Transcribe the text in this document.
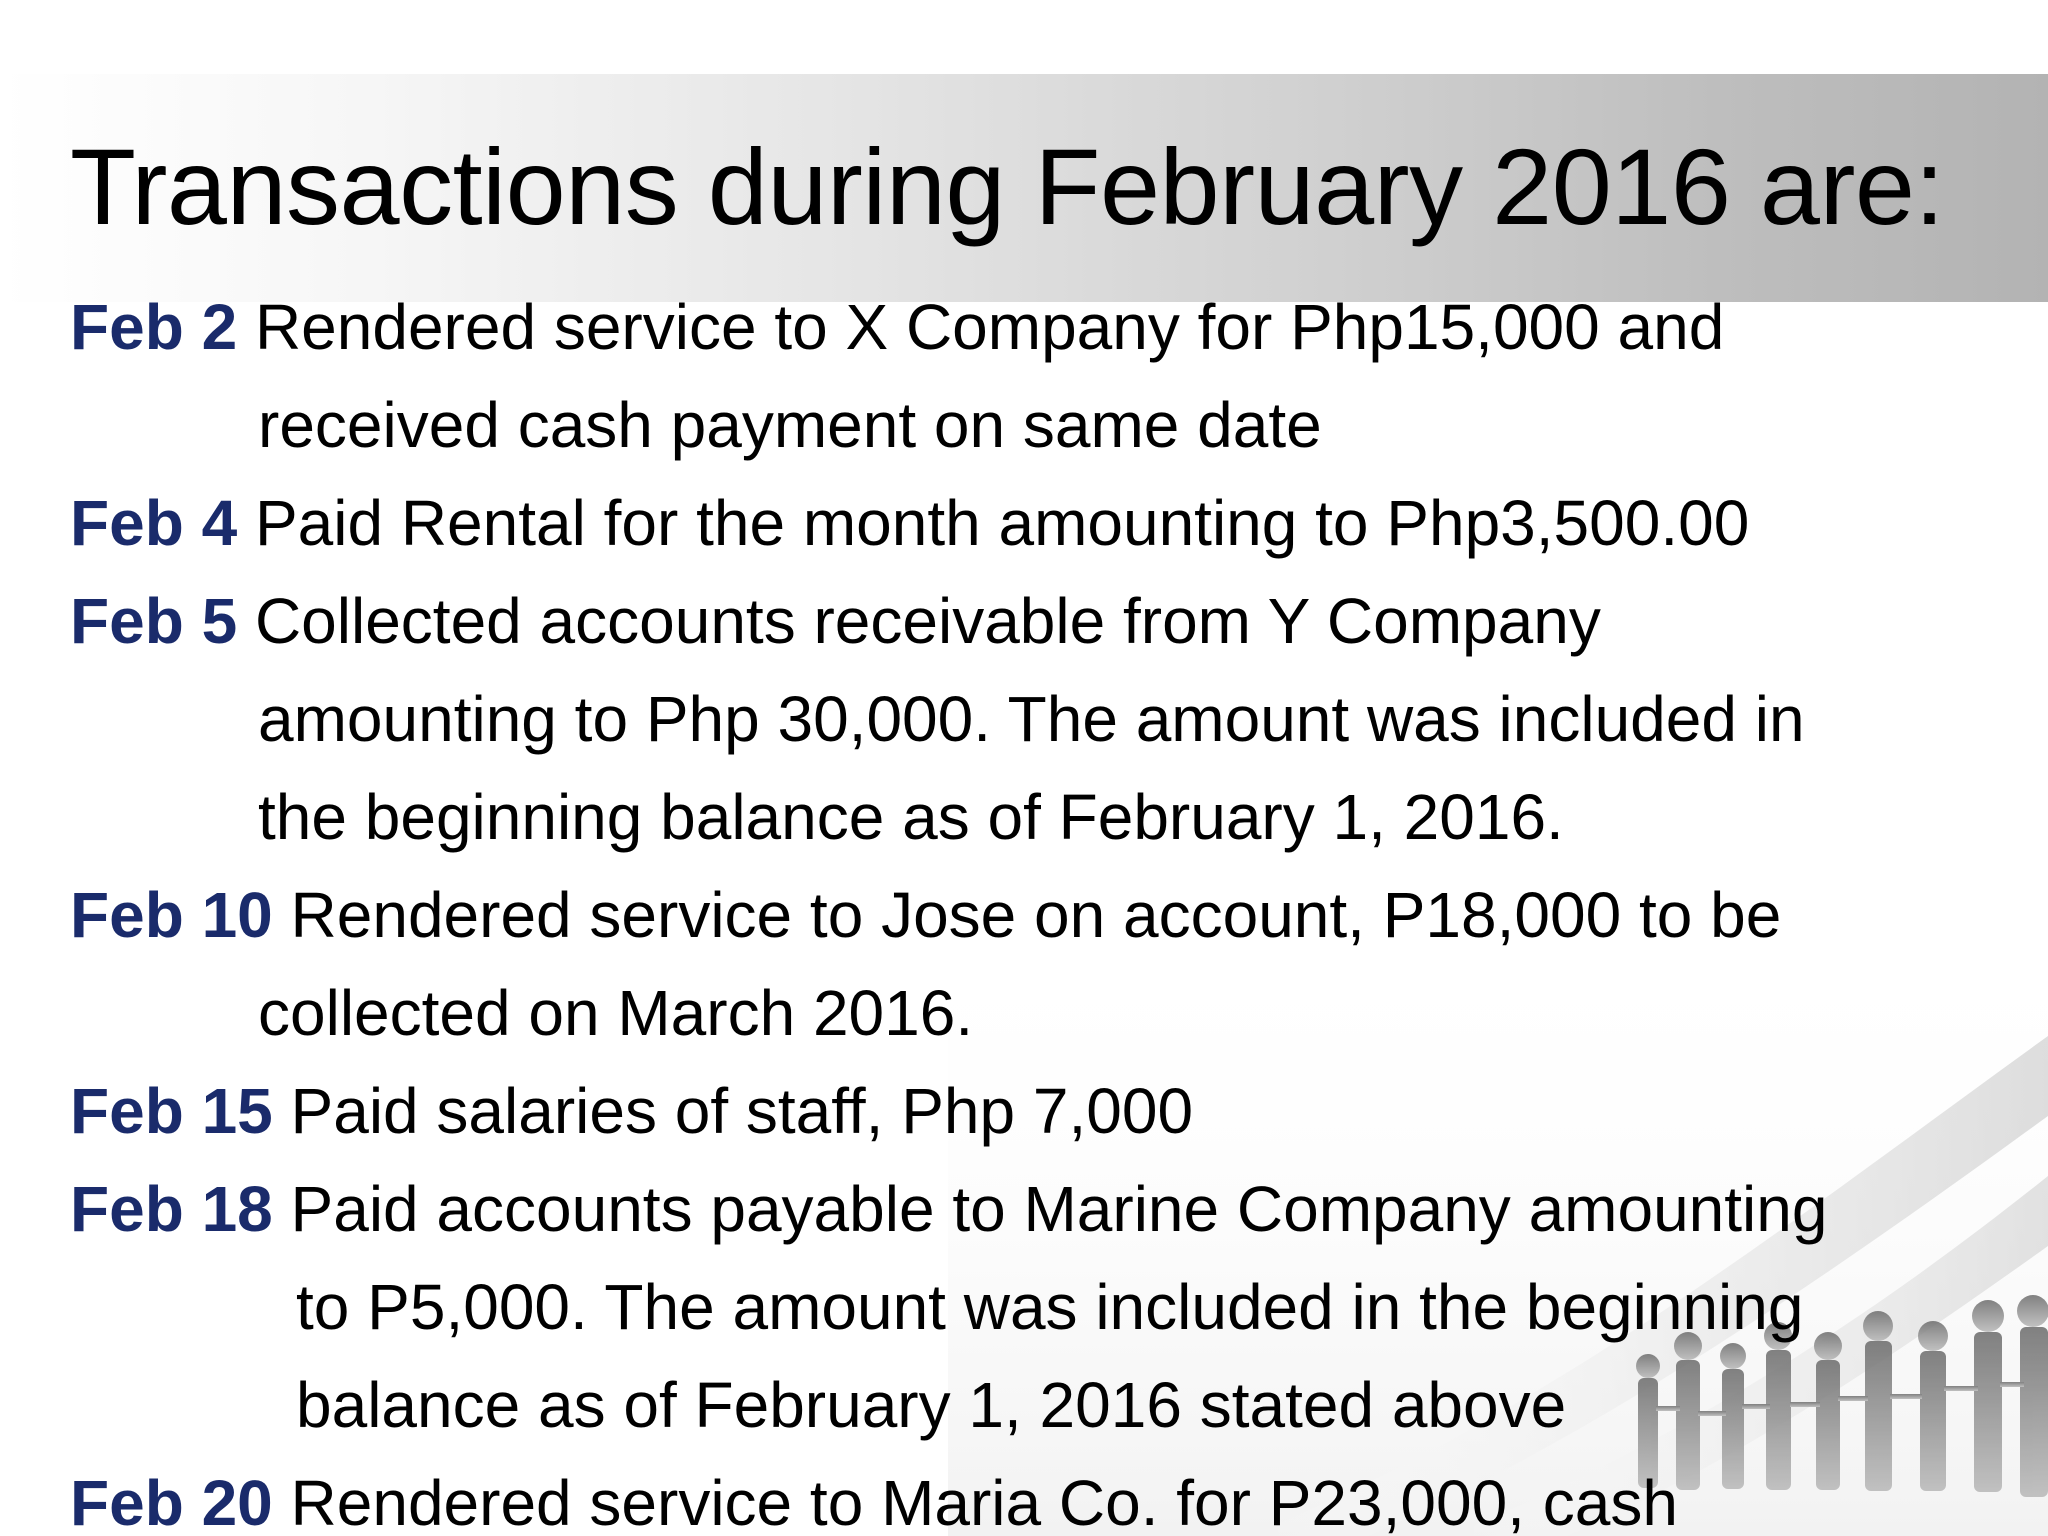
Transactions during February 2016 are:
Feb 2 Rendered service to X Company for Php15,000 and
received cash payment on same date
Feb 4 Paid Rental for the month amounting to Php3,500.00
Feb 5 Collected accounts receivable from Y Company
amounting to Php 30,000. The amount was included in
the beginning balance as of February 1, 2016.
Feb 10 Rendered service to Jose on account, P18,000 to be
collected on March 2016.
Feb 15 Paid salaries of staff, Php 7,000
Feb 18 Paid accounts payable to Marine Company amounting
to P5,000. The amount was included in the beginning
balance as of February 1, 2016 stated above
Feb 20 Rendered service to Maria Co. for P23,000, cash
